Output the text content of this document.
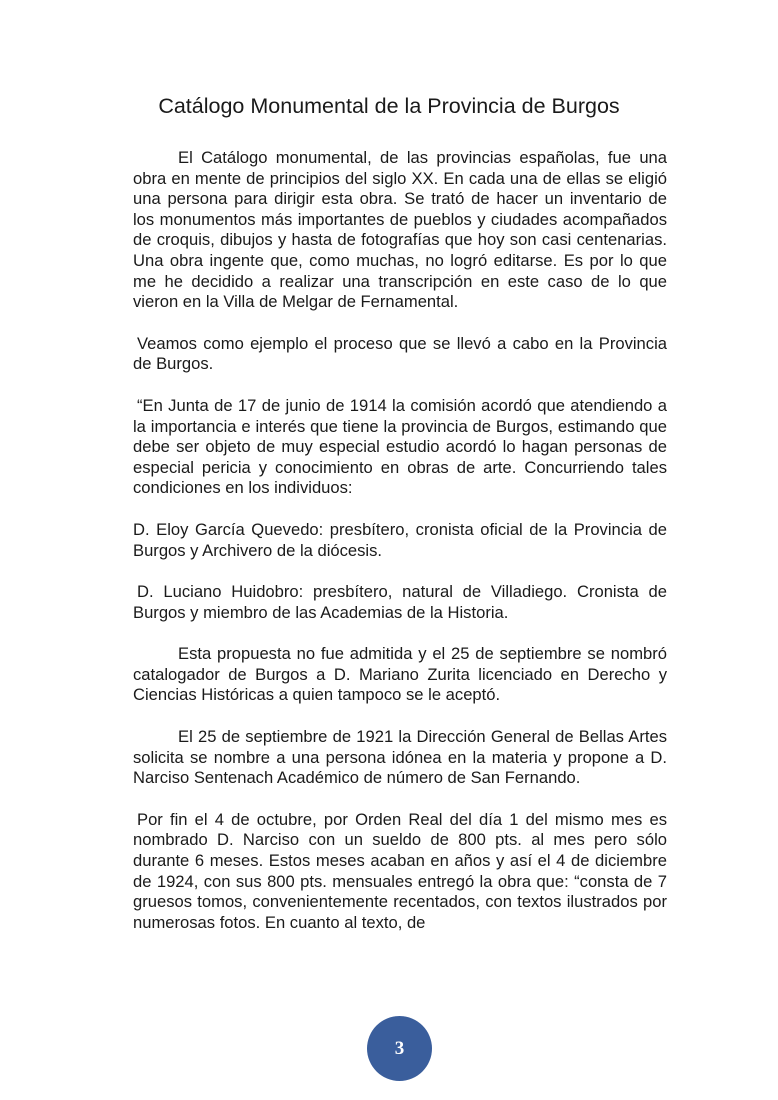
Catálogo Monumental de la Provincia de Burgos

El Catálogo monumental, de las provincias españolas, fue una obra en mente de principios del siglo XX. En cada una de ellas se eligió una persona para dirigir esta obra. Se trató de hacer un inventario de los monumentos más importantes de pueblos y ciudades acompañados de croquis, dibujos y hasta de fotografías que hoy son casi centenarias. Una obra ingente que, como muchas, no logró editarse. Es por lo que me he decidido a realizar una transcripción en este caso de lo que vieron en la Villa de Melgar de Fernamental.

Veamos como ejemplo el proceso que se llevó a cabo en la Provincia de Burgos.

“En Junta de 17 de junio de 1914 la comisión acordó que atendiendo a la importancia e interés que tiene la provincia de Burgos, estimando que debe ser objeto de muy especial estudio acordó lo hagan personas de especial pericia y conocimiento en obras de arte. Concurriendo tales condiciones en los individuos:

D. Eloy García Quevedo: presbítero, cronista oficial de la Provincia de Burgos y Archivero de la diócesis.

D. Luciano Huidobro: presbítero, natural de Villadiego. Cronista de Burgos y miembro de las Academias de la Historia.

Esta propuesta no fue admitida y el 25 de septiembre se nombró catalogador de Burgos a D. Mariano Zurita licenciado en Derecho y Ciencias Históricas a quien tampoco se le aceptó.

El 25 de septiembre de 1921 la Dirección General de Bellas Artes solicita se nombre a una persona idónea en la materia y propone a D. Narciso Sentenach Académico de número de San Fernando.

Por fin el 4 de octubre, por Orden Real del día 1 del mismo mes es nombrado D. Narciso con un sueldo de 800 pts. al mes pero sólo durante 6 meses. Estos meses acaban en años y así el 4 de diciembre de 1924, con sus 800 pts. mensuales entregó la obra que: “consta de 7 gruesos tomos, convenientemente recentados, con textos ilustrados por numerosas fotos. En cuanto al texto, de

3
